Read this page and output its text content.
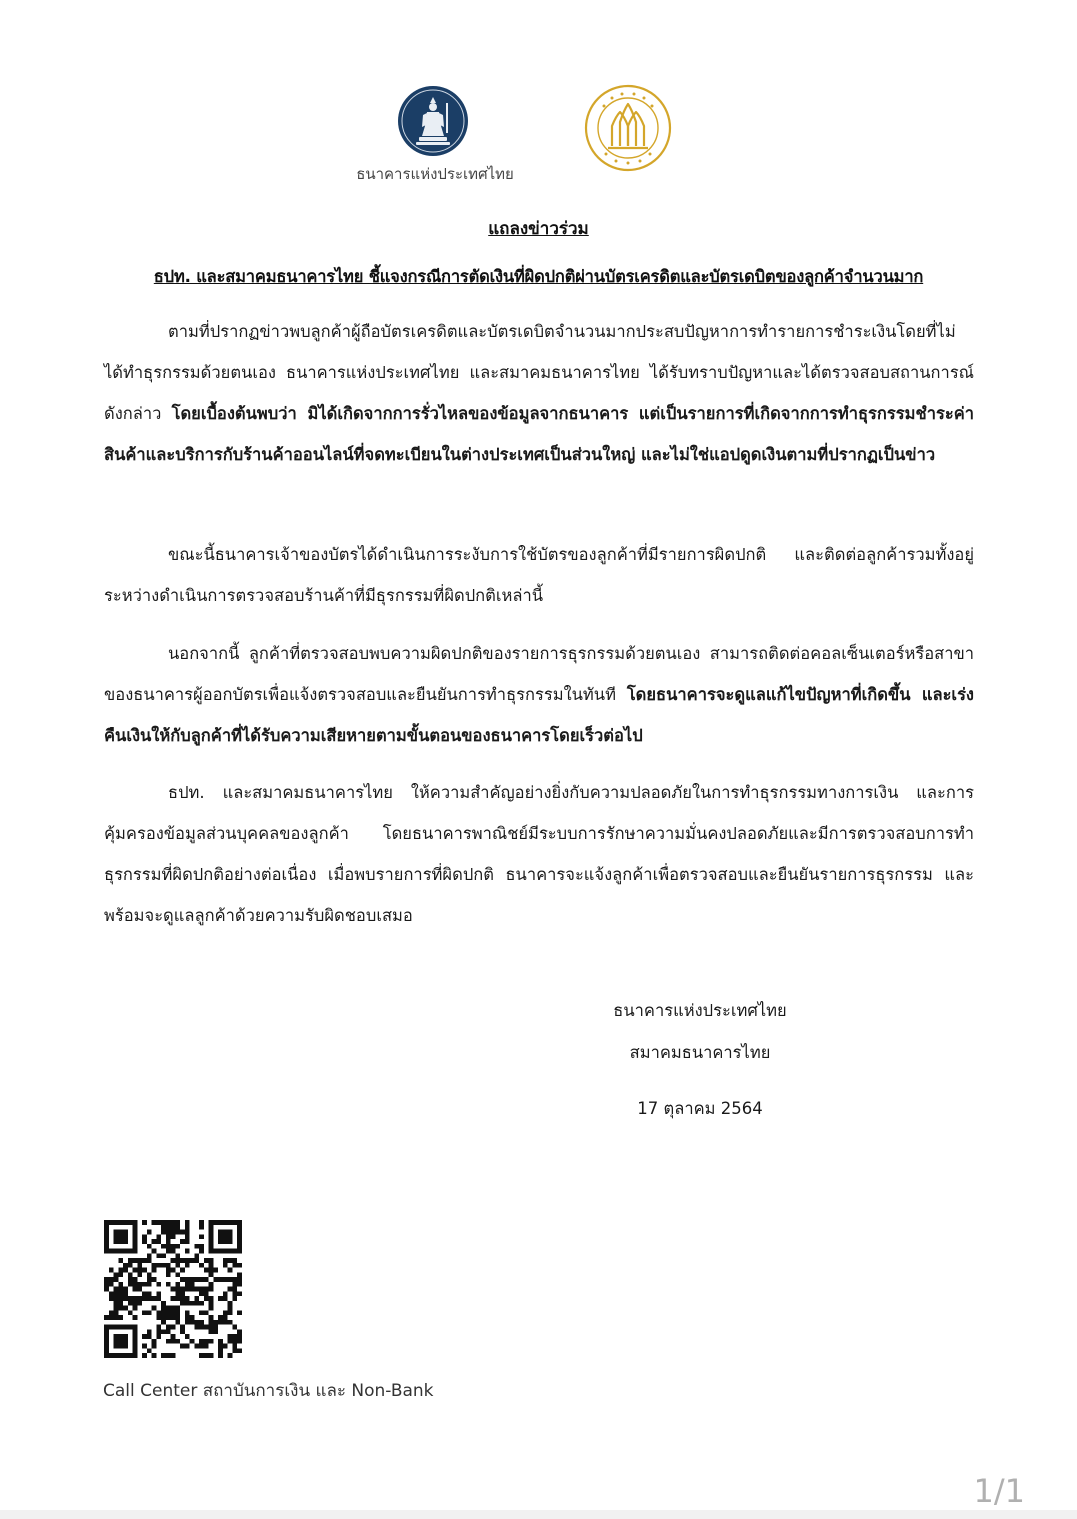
ธนาคารแห่งประเทศไทย
แถลงข่าวร่วม
ธปท. และสมาคมธนาคารไทย ชี้แจงกรณีการตัดเงินที่ผิดปกติผ่านบัตรเครดิตและบัตรเดบิตของลูกค้าจำนวนมาก

ตามที่ปรากฏข่าวพบลูกค้าผู้ถือบัตรเครดิตและบัตรเดบิตจำนวนมากประสบปัญหาการทำรายการชำระเงินโดยที่ไม่ได้ทำธุรกรรมด้วยตนเอง ธนาคารแห่งประเทศไทย และสมาคมธนาคารไทย ได้รับทราบปัญหาและได้ตรวจสอบสถานการณ์ดังกล่าว โดยเบื้องต้นพบว่า มิได้เกิดจากการรั่วไหลของข้อมูลจากธนาคาร แต่เป็นรายการที่เกิดจากการทำธุรกรรมชำระค่าสินค้าและบริการกับร้านค้าออนไลน์ที่จดทะเบียนในต่างประเทศเป็นส่วนใหญ่ และไม่ใช่แอปดูดเงินตามที่ปรากฏเป็นข่าว

ขณะนี้ธนาคารเจ้าของบัตรได้ดำเนินการระงับการใช้บัตรของลูกค้าที่มีรายการผิดปกติ และติดต่อลูกค้ารวมทั้งอยู่ระหว่างดำเนินการตรวจสอบร้านค้าที่มีธุรกรรมที่ผิดปกติเหล่านี้

นอกจากนี้ ลูกค้าที่ตรวจสอบพบความผิดปกติของรายการธุรกรรมด้วยตนเอง สามารถติดต่อคอลเซ็นเตอร์หรือสาขาของธนาคารผู้ออกบัตรเพื่อแจ้งตรวจสอบและยืนยันการทำธุรกรรมในทันที โดยธนาคารจะดูแลแก้ไขปัญหาที่เกิดขึ้น และเร่งคืนเงินให้กับลูกค้าที่ได้รับความเสียหายตามขั้นตอนของธนาคารโดยเร็วต่อไป

ธปท. และสมาคมธนาคารไทย ให้ความสำคัญอย่างยิ่งกับความปลอดภัยในการทำธุรกรรมทางการเงิน และการคุ้มครองข้อมูลส่วนบุคคลของลูกค้า โดยธนาคารพาณิชย์มีระบบการรักษาความมั่นคงปลอดภัยและมีการตรวจสอบการทำธุรกรรมที่ผิดปกติอย่างต่อเนื่อง เมื่อพบรายการที่ผิดปกติ ธนาคารจะแจ้งลูกค้าเพื่อตรวจสอบและยืนยันรายการธุรกรรม และพร้อมจะดูแลลูกค้าด้วยความรับผิดชอบเสมอ

ธนาคารแห่งประเทศไทย
สมาคมธนาคารไทย
17 ตุลาคม 2564
Call Center สถาบันการเงิน และ Non-Bank
1/1
